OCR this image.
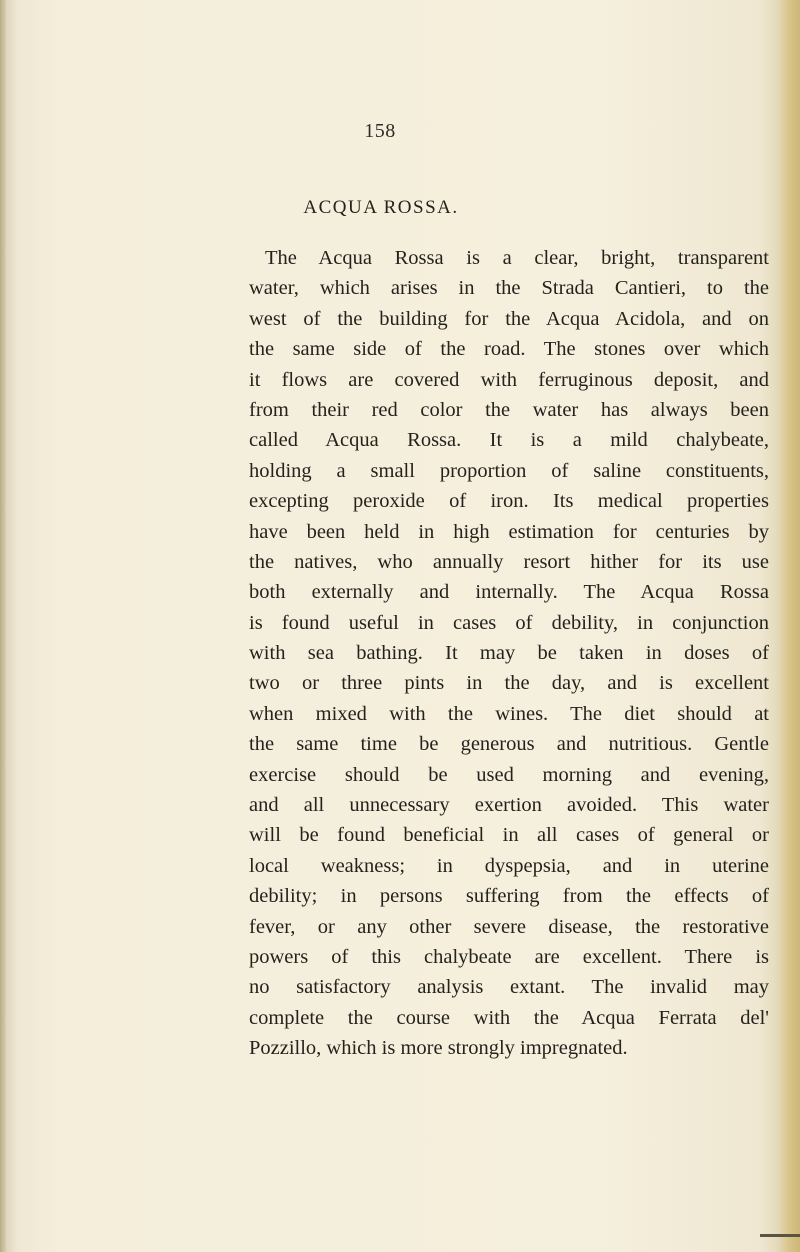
158
ACQUA ROSSA.
The Acqua Rossa is a clear, bright, transparent
water, which arises in the Strada Cantieri, to the
west of the building for the Acqua Acidola, and on
the same side of the road. The stones over which
it flows are covered with ferruginous deposit, and
from their red color the water has always been
called Acqua Rossa. It is a mild chalybeate,
holding a small proportion of saline constituents,
excepting peroxide of iron. Its medical properties
have been held in high estimation for centuries by
the natives, who annually resort hither for its use
both externally and internally. The Acqua Rossa
is found useful in cases of debility, in conjunction
with sea bathing. It may be taken in doses of
two or three pints in the day, and is excellent
when mixed with the wines. The diet should at
the same time be generous and nutritious. Gentle
exercise should be used morning and evening,
and all unnecessary exertion avoided. This water
will be found beneficial in all cases of general or
local weakness; in dyspepsia, and in uterine
debility; in persons suffering from the effects of
fever, or any other severe disease, the restorative
powers of this chalybeate are excellent. There is
no satisfactory analysis extant. The invalid may
complete the course with the Acqua Ferrata del'
Pozzillo, which is more strongly impregnated.
